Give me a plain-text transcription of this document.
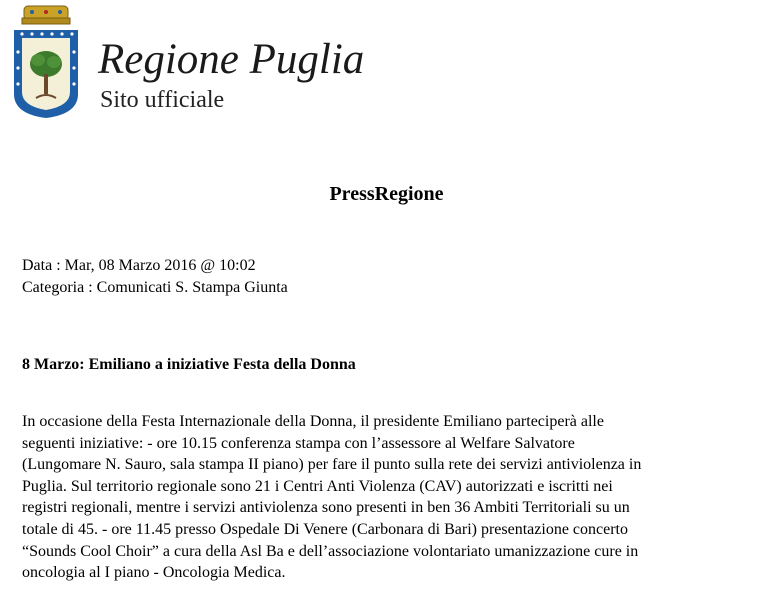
Regione Puglia
Sito ufficiale
PressRegione
Data : Mar, 08 Marzo 2016 @ 10:02
Categoria : Comunicati S. Stampa Giunta
8 Marzo: Emiliano a iniziative Festa della Donna
In occasione della Festa Internazionale della Donna, il presidente Emiliano parteciperà alle
seguenti iniziative: - ore 10.15 conferenza stampa con l’assessore al Welfare Salvatore
(Lungomare N. Sauro, sala stampa II piano) per fare il punto sulla rete dei servizi antiviolenza in
Puglia. Sul territorio regionale sono 21 i Centri Anti Violenza (CAV) autorizzati e iscritti nei
registri regionali, mentre i servizi antiviolenza sono presenti in ben 36 Ambiti Territoriali su un
totale di 45. - ore 11.45 presso Ospedale Di Venere (Carbonara di Bari) presentazione concerto
“Sounds Cool Choir” a cura della Asl Ba e dell’associazione volontariato umanizzazione cure in
oncologia al I piano - Oncologia Medica.
